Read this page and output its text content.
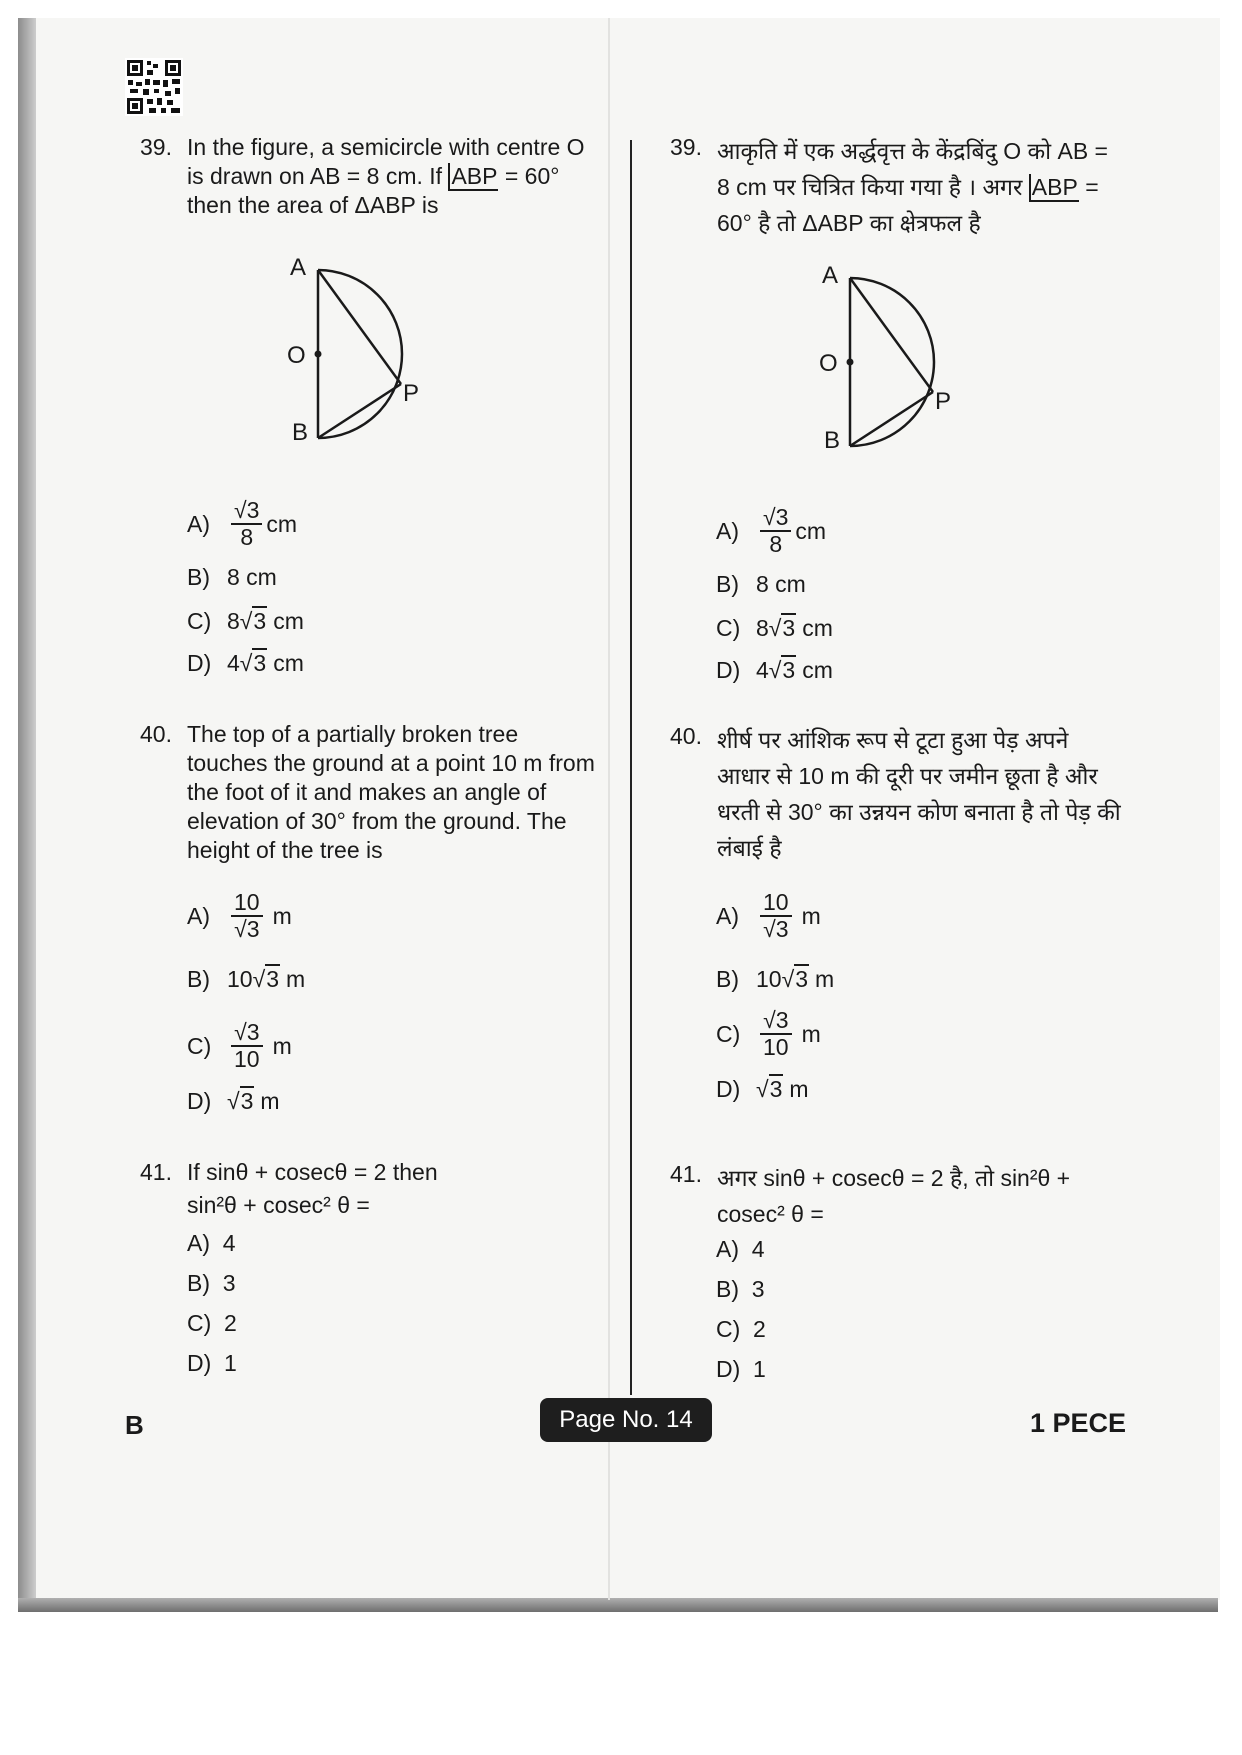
39. In the figure, a semicircle with centre O is drawn on AB = 8 cm. If ABP = 60° then the area of ΔABP is
A
O
P
B
$A) \frac{√3}{8}$ cm
B) 8 cm
C) 8 √3 cm
D) 4 √3 cm
40. The top of a partially broken tree touches the ground at a point 10 m from the foot of it and makes an angle of elevation of 30° from the ground. The height of the tree is
$A) \frac{10}{√3}$ m
B) 10 √3 m
$C) \frac{√3}{10}$ m
D) √3 m
41. If sinθ + cosecθ = 2 then
sin²θ + cosec² θ =
A)  4
B)  3
C)  2
D)  1
39. आकृति में एक अर्द्धवृत्त के केंद्रबिंदु O को AB = 8 cm पर चित्रित किया गया है । अगर ABP = 60° है तो ΔABP का क्षेत्रफल है
A
O
P
B
$A) \frac{√3}{8}$ cm
B) 8 cm
C) 8 √3 cm
D) 4 √3 cm
40. शीर्ष पर आंशिक रूप से टूटा हुआ पेड़ अपने आधार से 10 m की दूरी पर जमीन छूता है और धरती से 30° का उन्नयन कोण बनाता है तो पेड़ की लंबाई है
$A) \frac{10}{√3}$ m
B) 10 √3 m
$C) \frac{√3}{10}$ m
D) √3 m
41. अगर sinθ + cosecθ = 2 है, तो sin²θ +
cosec² θ =
A)  4
B)  3
C)  2
D)  1
B	Page No. 14	1 PECE
